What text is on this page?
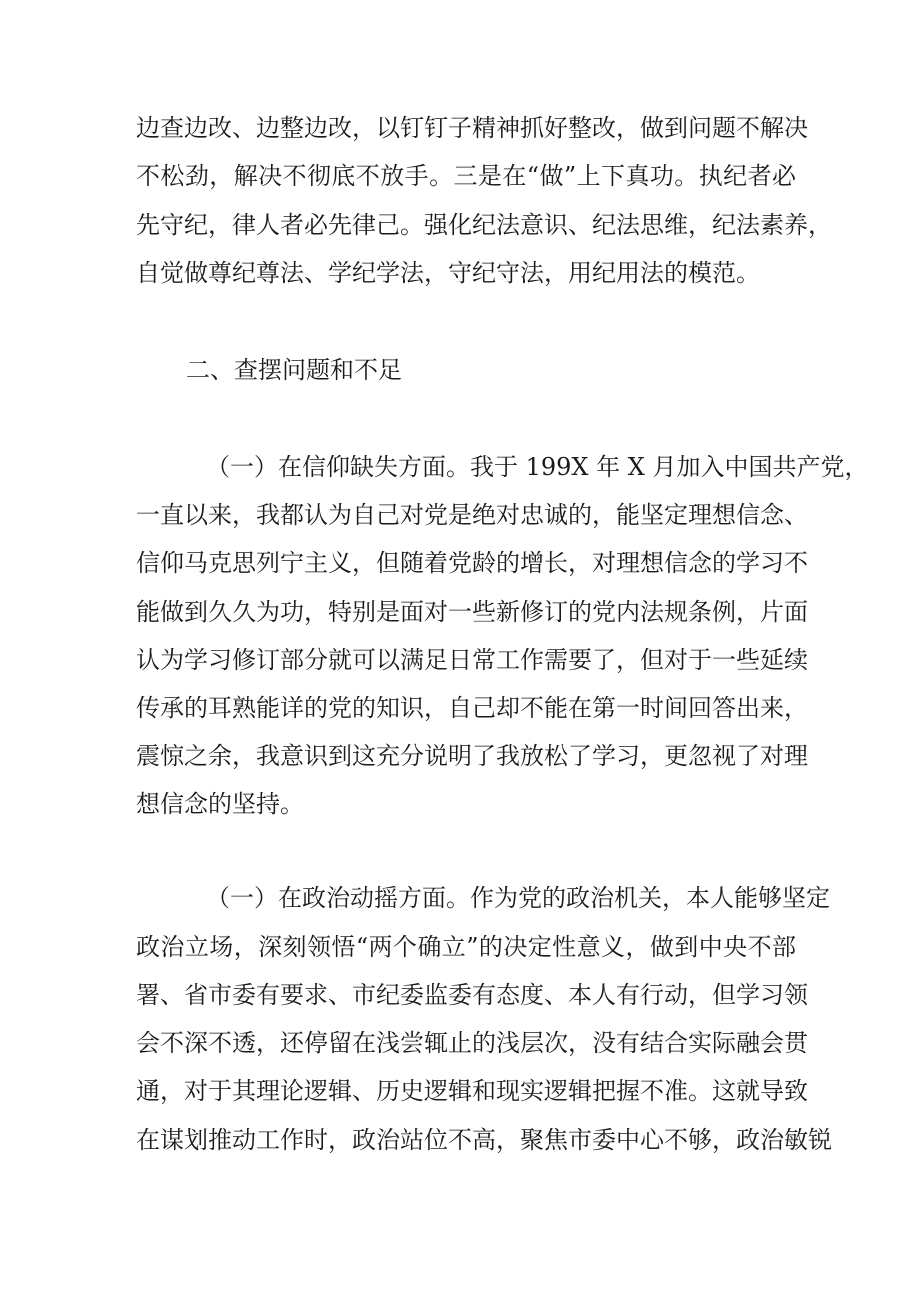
边查边改、边整边改，以钉钉子精神抓好整改，做到问题不解决
不松劲，解决不彻底不放手。三是在“做”上下真功。执纪者必
先守纪，律人者必先律己。强化纪法意识、纪法思维，纪法素养，
自觉做尊纪尊法、学纪学法，守纪守法，用纪用法的模范。
二、查摆问题和不足
（一）在信仰缺失方面。我于 199X 年 X 月加入中国共产党，
一直以来，我都认为自己对党是绝对忠诚的，能坚定理想信念、
信仰马克思列宁主义，但随着党龄的增长，对理想信念的学习不
能做到久久为功，特别是面对一些新修订的党内法规条例，片面
认为学习修订部分就可以满足日常工作需要了，但对于一些延续
传承的耳熟能详的党的知识，自己却不能在第一时间回答出来，
震惊之余，我意识到这充分说明了我放松了学习，更忽视了对理
想信念的坚持。
（一）在政治动摇方面。作为党的政治机关，本人能够坚定
政治立场，深刻领悟“两个确立”的决定性意义，做到中央不部
署、省市委有要求、市纪委监委有态度、本人有行动，但学习领
会不深不透，还停留在浅尝辄止的浅层次，没有结合实际融会贯
通，对于其理论逻辑、历史逻辑和现实逻辑把握不准。这就导致
在谋划推动工作时，政治站位不高，聚焦市委中心不够，政治敏锐
